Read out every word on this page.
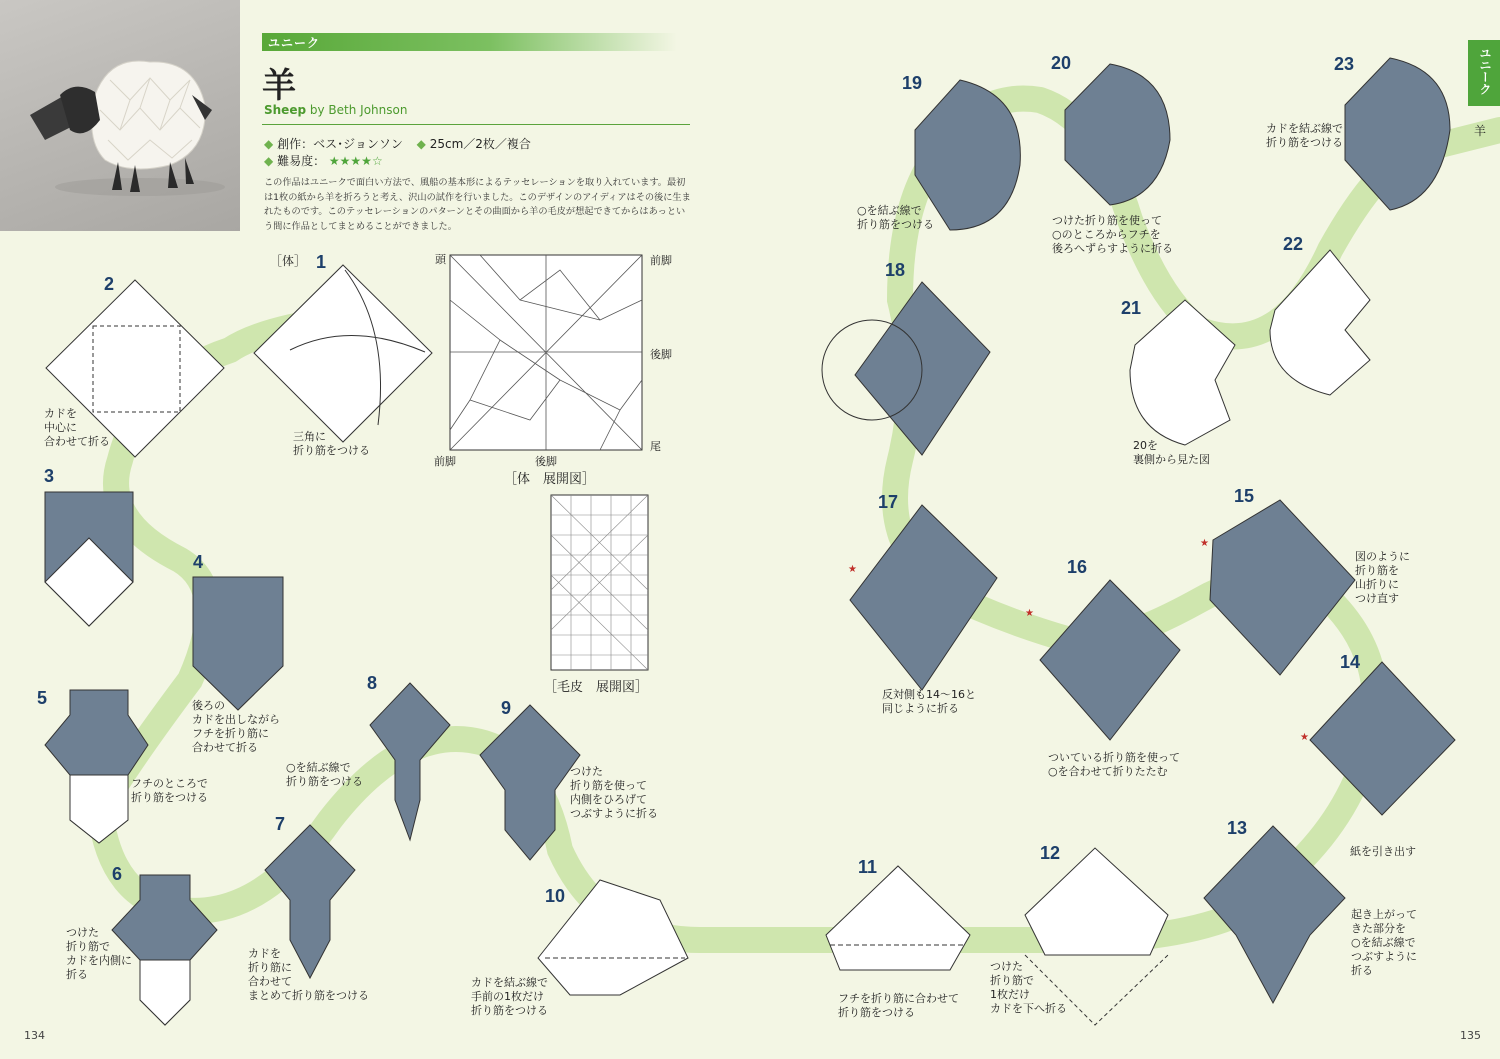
ユニーク
羊
Sheep by Beth Johnson
◆ 創作：ベス･ジョンソン ◆ 25cm／2枚／複合
◆ 難易度： ★★★★☆
この作品はユニークで面白い方法で、風船の基本形によるテッセレーションを取り入れています。最初は1枚の紙から羊を折ろうと考え、沢山の試作を行いました。このデザインのアイディアはその後に生まれたものです。このテッセレーションのパターンとその曲面から羊の毛皮が想起できてからはあっという間に作品としてまとめることができました。
★
★
★
★
［体］	頭	前脚
後脚
尾
前脚	後脚
［体　展開図］
［毛皮　展開図］
1
2
3
4
5
6
7
8
9
10
11
12
13
14
15
16
17
18
19
20
21
22
23
三角に
折り筋をつける
カドを
中心に
合わせて折る
後ろの
カドを出しながら
フチを折り筋に
合わせて折る
フチのところで
折り筋をつける
つけた
折り筋で
カドを内側に
折る
カドを
折り筋に
合わせて
まとめて折り筋をつける
○を結ぶ線で
折り筋をつける
つけた
折り筋を使って
内側をひろげて
つぶすように折る
カドを結ぶ線で
手前の1枚だけ
折り筋をつける
フチを折り筋に合わせて
折り筋をつける
つけた
折り筋で
1枚だけ
カドを下へ折る
起き上がって
きた部分を
○を結ぶ線で
つぶすように
折る
紙を引き出す
図のように
折り筋を
山折りに
つけ直す
ついている折り筋を使って
○を合わせて折りたたむ
反対側も14～16と
同じように折る
○を結ぶ線で
折り筋をつける	つけた折り筋を使って
○のところからフチを
後ろへずらすように折る
20を
裏側から見た図
カドを結ぶ線で
折り筋をつける
ユニーク
羊
134	135
